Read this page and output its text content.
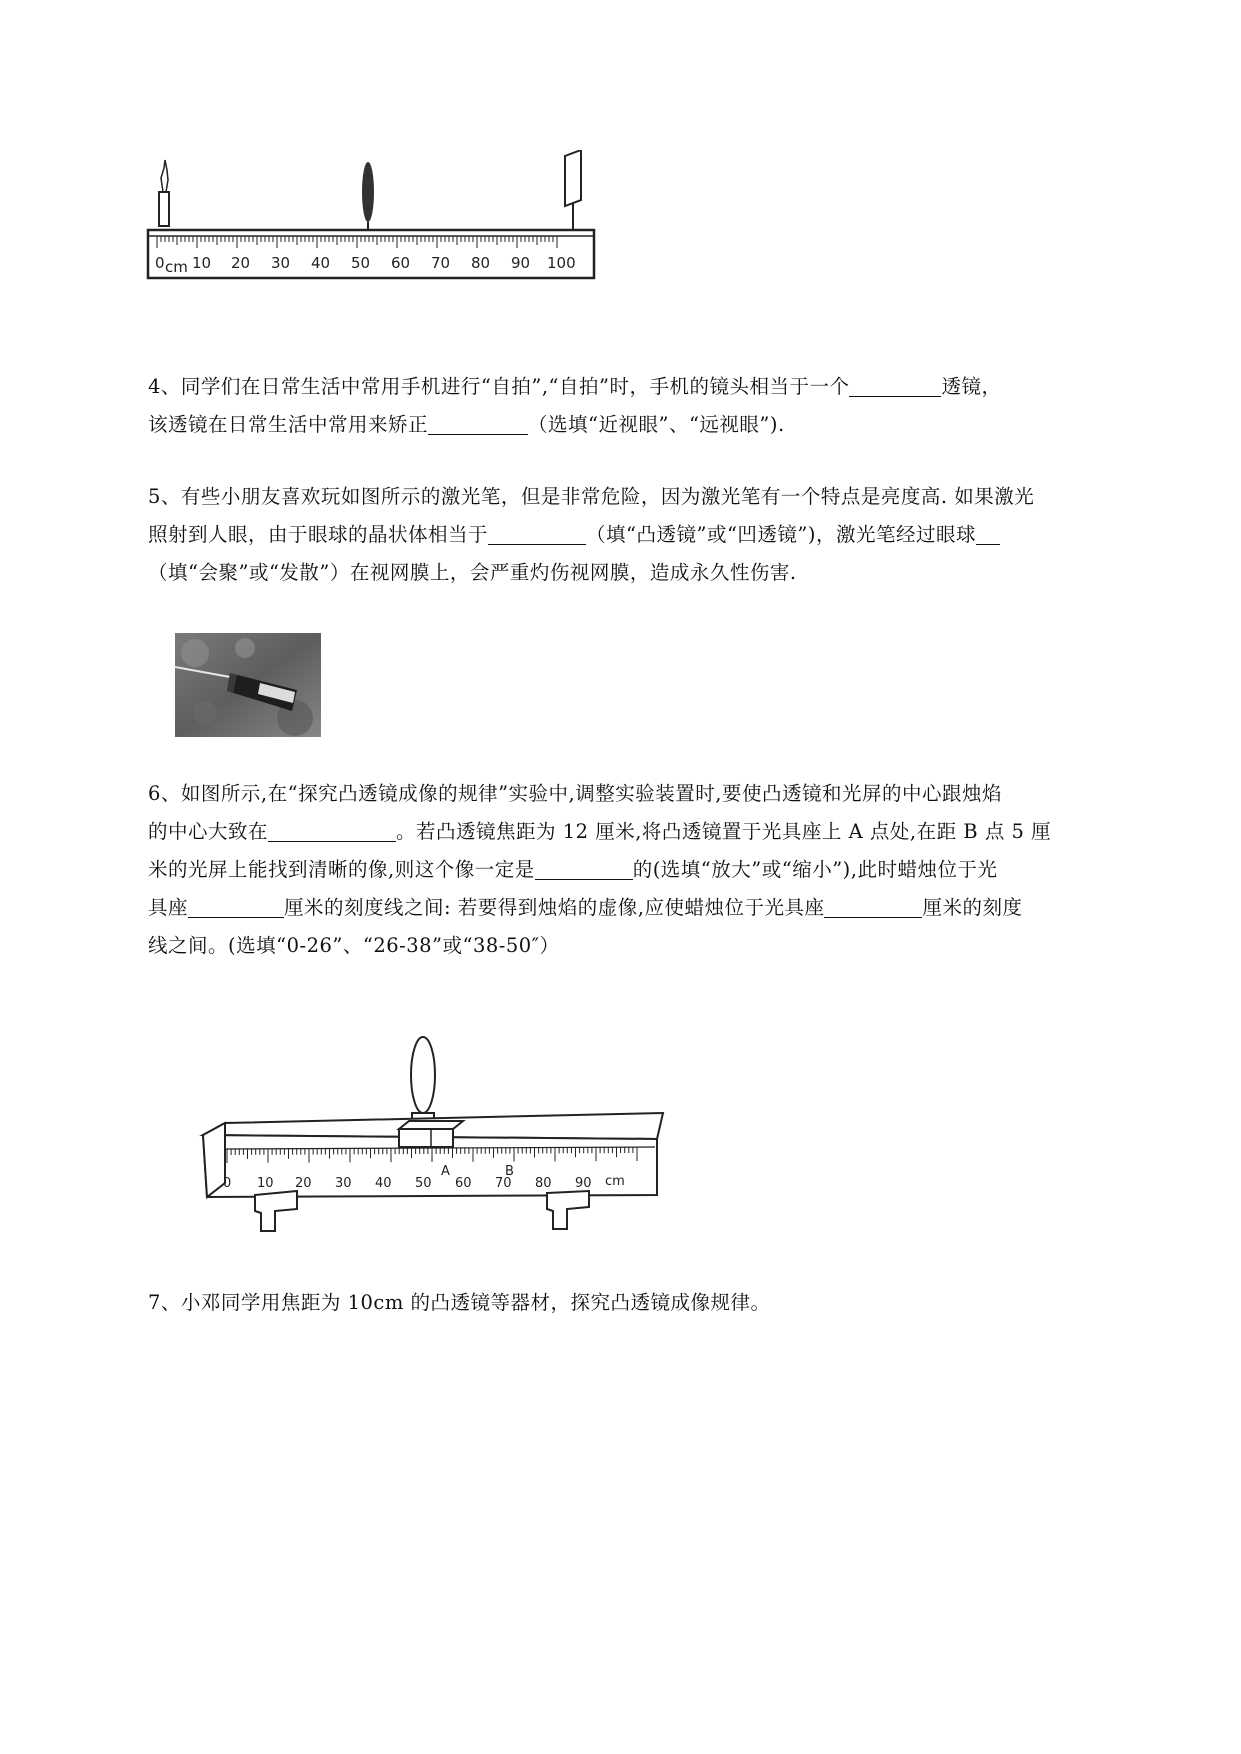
cm
0 10 20 30 40 50 60 70 80 90 100

4、同学们在日常生活中常用手机进行“自拍”,“自拍”时，手机的镜头相当于一个	透镜，

该透镜在日常生活中常用来矫正	（选填“近视眼”、“远视眼”).

5、有些小朋友喜欢玩如图所示的激光笔，但是非常危险，因为激光笔有一个特点是亮度高. 如果激光

照射到人眼，由于眼球的晶状体相当于	（填“凸透镜”或“凹透镜”)，激光笔经过眼球

（填“会聚”或“发散”）在视网膜上，会严重灼伤视网膜，造成永久性伤害.

6、如图所示,在“探究凸透镜成像的规律”实验中,调整实验装置时,要使凸透镜和光屏的中心跟烛焰

的中心大致在	。若凸透镜焦距为 12 厘米,将凸透镜置于光具座上 A 点处,在距 B 点 5 厘

米的光屏上能找到清晰的像,则这个像一定是	的(选填“放大”或“缩小”),此时蜡烛位于光

具座	厘米的刻度线之间: 若要得到烛焰的虚像,应使蜡烛位于光具座	厘米的刻度

线之间。(选填“0-26”、“26-38”或“38-50″）

0 10 20 30 40 50 60 70 80 90 cm
A	B

7、小邓同学用焦距为 10cm 的凸透镜等器材，探究凸透镜成像规律。
